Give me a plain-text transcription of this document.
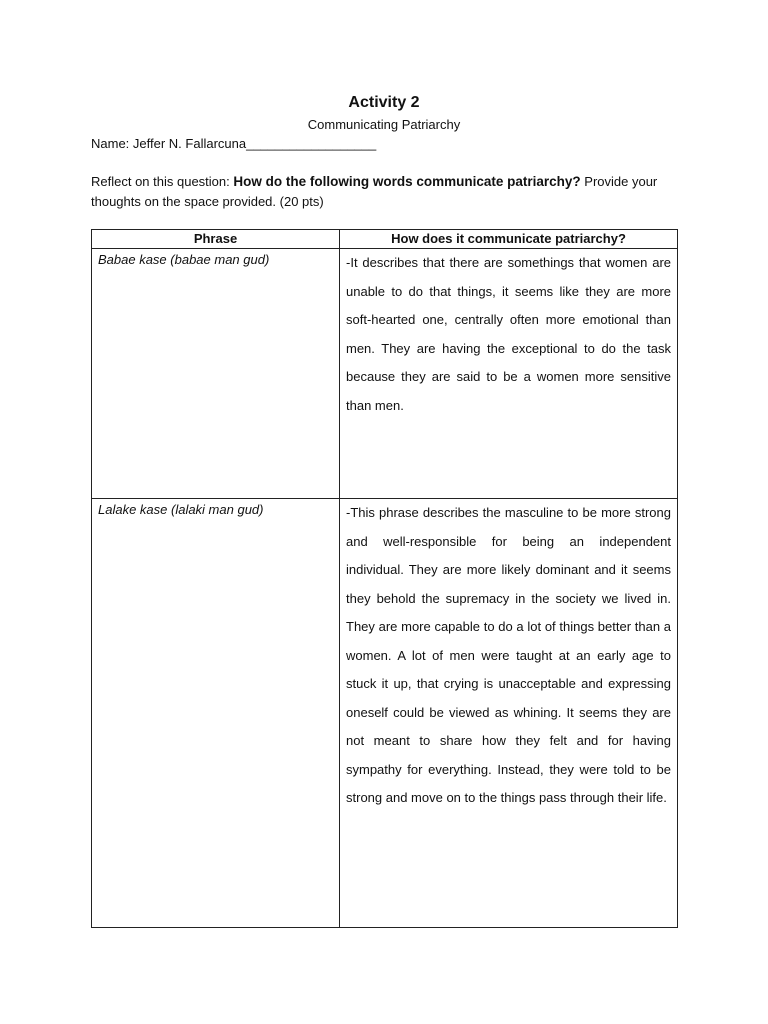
Activity 2
Communicating Patriarchy
Name: Jeffer N. Fallarcuna__________________
Reflect on this question: How do the following words communicate patriarchy? Provide your thoughts on the space provided. (20 pts)
Phrase	How does it communicate patriarchy?
Babae kase (babae man gud)	-It describes that there are somethings that women are unable to do that things, it seems like they are more soft-hearted one, centrally often more emotional than men. They are having the exceptional to do the task because they are said to be a women more sensitive than men.
Lalake kase (lalaki man gud)	-This phrase describes the masculine to be more strong and well-responsible for being an independent individual. They are more likely dominant and it seems they behold the supremacy in the society we lived in. They are more capable to do a lot of things better than a women. A lot of men were taught at an early age to stuck it up, that crying is unacceptable and expressing oneself could be viewed as whining. It seems they are not meant to share how they felt and for having sympathy for everything. Instead, they were told to be strong and move on to the things pass through their life.
